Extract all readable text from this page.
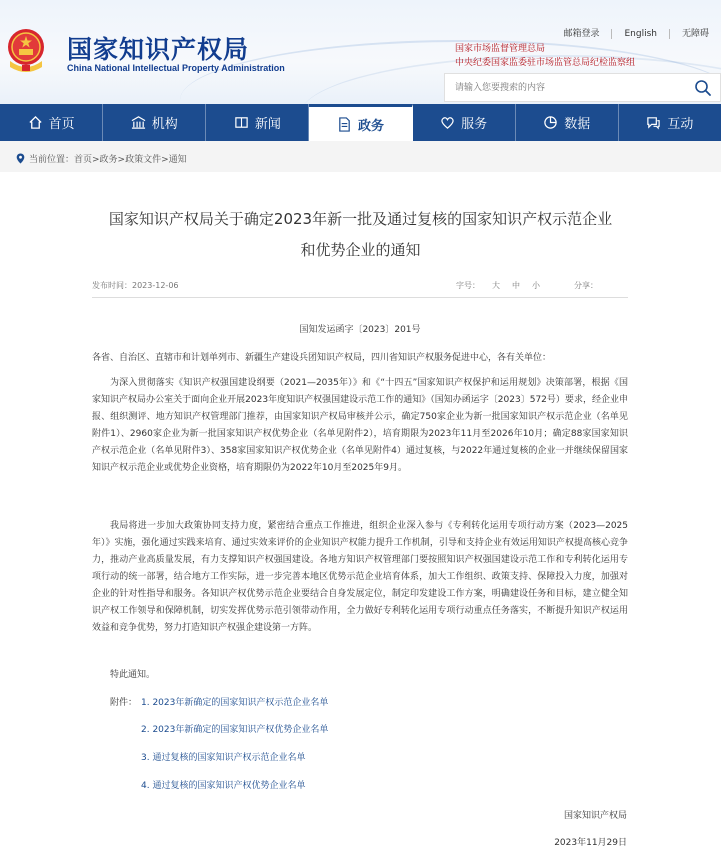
国家知识产权局
China National Intellectual Property Administration
邮箱登录	English	无障碍
国家市场监督管理总局
中央纪委国家监委驻市场监管总局纪检监察组
请输入您要搜索的内容
首页	机构	新闻	政务	服务	数据	互动
当前位置：首页>政务>政策文件>通知
国家知识产权局关于确定2023年新一批及通过复核的国家知识产权示范企业
和优势企业的通知
发布时间：2023-12-06	字号： 大 中 小	分享：
国知发运函字〔2023〕201号
各省、自治区、直辖市和计划单列市、新疆生产建设兵团知识产权局，四川省知识产权服务促进中心，各有关单位：
为深入贯彻落实《知识产权强国建设纲要（2021—2035年）》和《“十四五”国家知识产权保护和运用规划》决策部署，根据《国家知识产权局办公室关于面向企业开展2023年度知识产权强国建设示范工作的通知》（国知办函运字〔2023〕572号）要求，经企业申报、组织测评、地方知识产权管理部门推荐，由国家知识产权局审核并公示，确定750家企业为新一批国家知识产权示范企业（名单见附件1）、2960家企业为新一批国家知识产权优势企业（名单见附件2），培育期限为2023年11月至2026年10月；确定88家国家知识产权示范企业（名单见附件3）、358家国家知识产权优势企业（名单见附件4）通过复核，与2022年通过复核的企业一并继续保留国家知识产权示范企业或优势企业资格，培育期限仍为2022年10月至2025年9月。
我局将进一步加大政策协同支持力度，紧密结合重点工作推进，组织企业深入参与《专利转化运用专项行动方案（2023—2025年）》实施，强化通过实践来培育、通过实效来评价的企业知识产权能力提升工作机制，引导和支持企业有效运用知识产权提高核心竞争力，推动产业高质量发展，有力支撑知识产权强国建设。各地方知识产权管理部门要按照知识产权强国建设示范工作和专利转化运用专项行动的统一部署，结合地方工作实际，进一步完善本地区优势示范企业培育体系，加大工作组织、政策支持、保障投入力度，加强对企业的针对性指导和服务。各知识产权优势示范企业要结合自身发展定位，制定印发建设工作方案，明确建设任务和目标，建立健全知识产权工作领导和保障机制，切实发挥优势示范引领带动作用，全力做好专利转化运用专项行动重点任务落实，不断提升知识产权运用效益和竞争优势，努力打造知识产权强企建设第一方阵。
特此通知。
附件： 1. 2023年新确定的国家知识产权示范企业名单
2. 2023年新确定的国家知识产权优势企业名单
3. 通过复核的国家知识产权示范企业名单
4. 通过复核的国家知识产权优势企业名单
国家知识产权局
2023年11月29日
